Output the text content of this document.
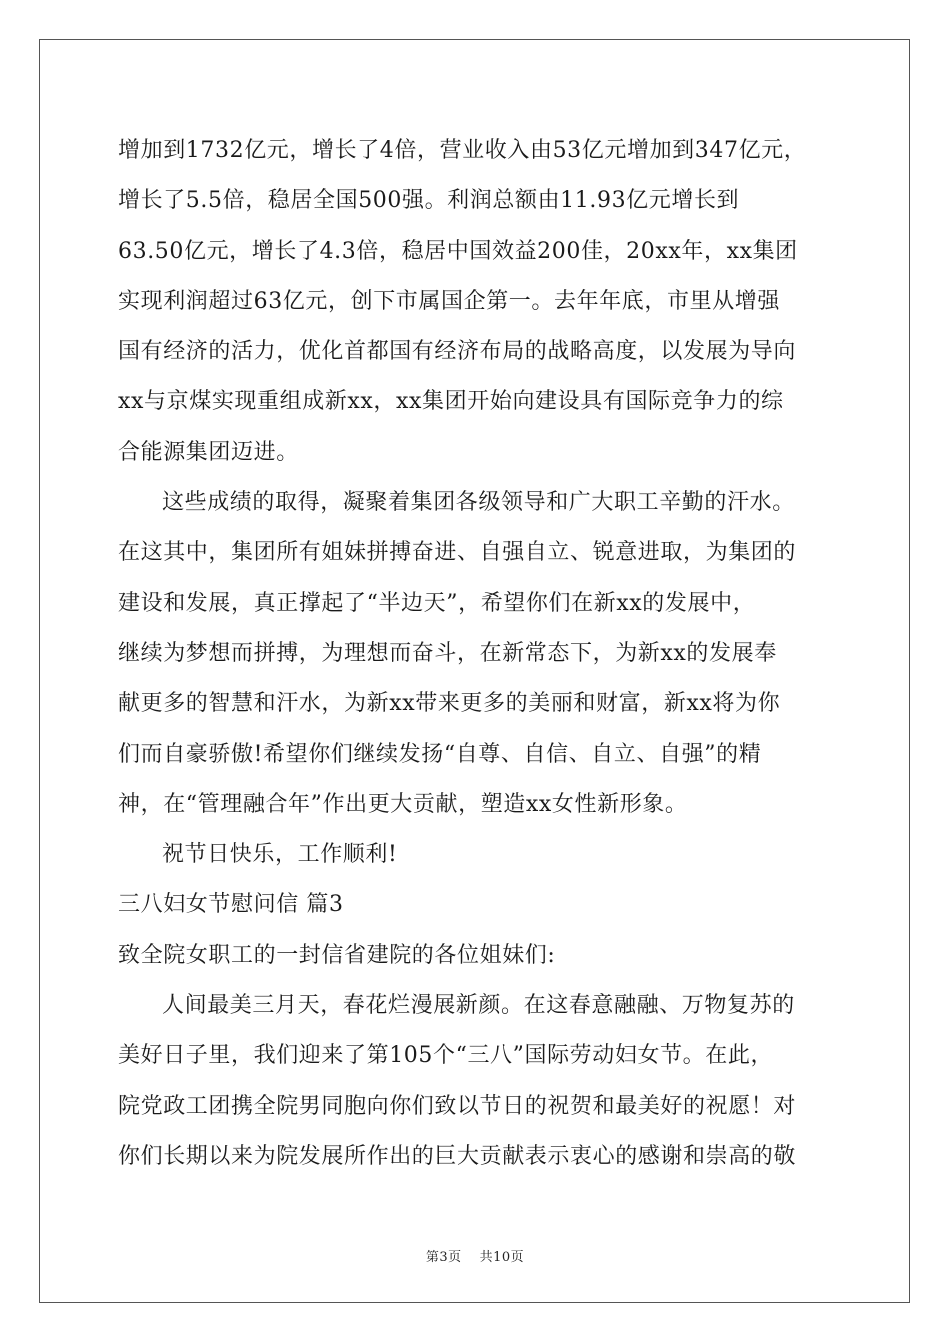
增加到1732亿元，增长了4倍，营业收入由53亿元增加到347亿元，
增长了5.5倍，稳居全国500强。利润总额由11.93亿元增长到
63.50亿元，增长了4.3倍，稳居中国效益200佳，20xx年，xx集团
实现利润超过63亿元，创下市属国企第一。去年年底，市里从增强
国有经济的活力，优化首都国有经济布局的战略高度，以发展为导向
xx与京煤实现重组成新xx，xx集团开始向建设具有国际竞争力的综
合能源集团迈进。
这些成绩的取得，凝聚着集团各级领导和广大职工辛勤的汗水。
在这其中，集团所有姐妹拼搏奋进、自强自立、锐意进取，为集团的
建设和发展，真正撑起了“半边天”，希望你们在新xx的发展中，
继续为梦想而拼搏，为理想而奋斗，在新常态下，为新xx的发展奉
献更多的智慧和汗水，为新xx带来更多的美丽和财富，新xx将为你
们而自豪骄傲!希望你们继续发扬“自尊、自信、自立、自强”的精
神，在“管理融合年”作出更大贡献，塑造xx女性新形象。
祝节日快乐，工作顺利!
三八妇女节慰问信 篇3
致全院女职工的一封信省建院的各位姐妹们:
人间最美三月天，春花烂漫展新颜。在这春意融融、万物复苏的
美好日子里，我们迎来了第105个“三八”国际劳动妇女节。在此，
院党政工团携全院男同胞向你们致以节日的祝贺和最美好的祝愿！对
你们长期以来为院发展所作出的巨大贡献表示衷心的感谢和崇高的敬
第3页 共10页
